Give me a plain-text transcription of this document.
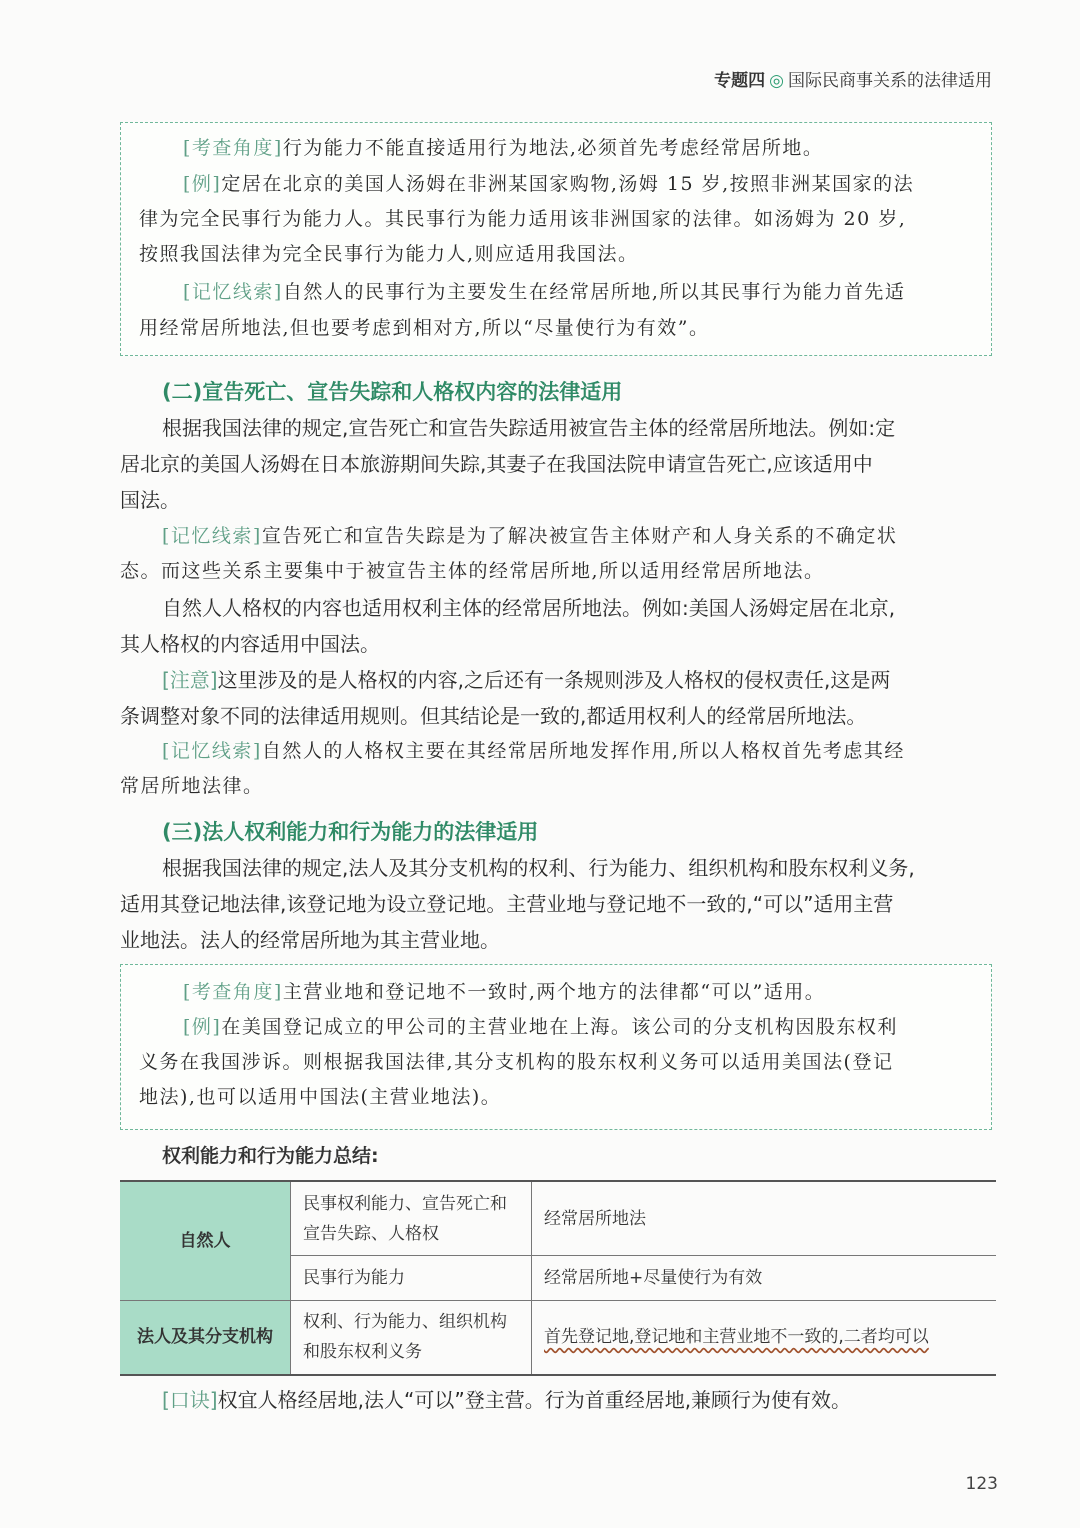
专题四 ◎ 国际民商事关系的法律适用
[考查角度]行为能力不能直接适用行为地法,必须首先考虑经常居所地。
[例]定居在北京的美国人汤姆在非洲某国家购物,汤姆 15 岁,按照非洲某国家的法
律为完全民事行为能力人。其民事行为能力适用该非洲国家的法律。如汤姆为 20 岁,
按照我国法律为完全民事行为能力人,则应适用我国法。
[记忆线索]自然人的民事行为主要发生在经常居所地,所以其民事行为能力首先适
用经常居所地法,但也要考虑到相对方,所以“尽量使行为有效”。
(二)宣告死亡、宣告失踪和人格权内容的法律适用
根据我国法律的规定,宣告死亡和宣告失踪适用被宣告主体的经常居所地法。例如:定
居北京的美国人汤姆在日本旅游期间失踪,其妻子在我国法院申请宣告死亡,应该适用中
国法。
[记忆线索]宣告死亡和宣告失踪是为了解决被宣告主体财产和人身关系的不确定状
态。而这些关系主要集中于被宣告主体的经常居所地,所以适用经常居所地法。
自然人人格权的内容也适用权利主体的经常居所地法。例如:美国人汤姆定居在北京,
其人格权的内容适用中国法。
[注意]这里涉及的是人格权的内容,之后还有一条规则涉及人格权的侵权责任,这是两
条调整对象不同的法律适用规则。但其结论是一致的,都适用权利人的经常居所地法。
[记忆线索]自然人的人格权主要在其经常居所地发挥作用,所以人格权首先考虑其经
常居所地法律。
(三)法人权利能力和行为能力的法律适用
根据我国法律的规定,法人及其分支机构的权利、行为能力、组织机构和股东权利义务,
适用其登记地法律,该登记地为设立登记地。主营业地与登记地不一致的,“可以”适用主营
业地法。法人的经常居所地为其主营业地。
[考查角度]主营业地和登记地不一致时,两个地方的法律都“可以”适用。
[例]在美国登记成立的甲公司的主营业地在上海。该公司的分支机构因股东权利
义务在我国涉诉。则根据我国法律,其分支机构的股东权利义务可以适用美国法(登记
地法),也可以适用中国法(主营业地法)。
权利能力和行为能力总结:
自然人	民事权利能力、宣告死亡和
宣告失踪、人格权	经常居所地法
	民事行为能力	经常居所地+尽量使行为有效
法人及其分支机构	权利、行为能力、组织机构
和股东权利义务	首先登记地,登记地和主营业地不一致的,二者均可以
[口诀]权宜人格经居地,法人“可以”登主营。行为首重经居地,兼顾行为使有效。
123
